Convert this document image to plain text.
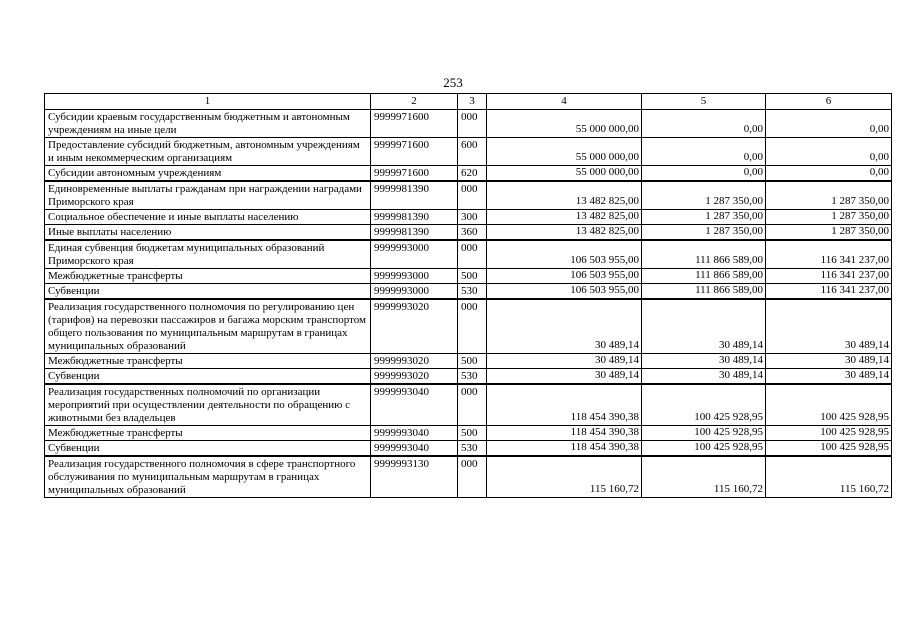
253
1	2	3	4	5	6
Субсидии краевым государственным бюджетным и автономным учреждениям на иные цели	9999971600	000	55 000 000,00	0,00	0,00
Предоставление субсидий бюджетным, автономным учреждениям и иным некоммерческим организациям	9999971600	600	55 000 000,00	0,00	0,00
Субсидии автономным учреждениям	9999971600	620	55 000 000,00	0,00	0,00
Единовременные выплаты гражданам при награждении наградами Приморского края	9999981390	000	13 482 825,00	1 287 350,00	1 287 350,00
Социальное обеспечение и иные выплаты населению	9999981390	300	13 482 825,00	1 287 350,00	1 287 350,00
Иные выплаты населению	9999981390	360	13 482 825,00	1 287 350,00	1 287 350,00
Единая субвенция бюджетам муниципальных образований Приморского края	9999993000	000	106 503 955,00	111 866 589,00	116 341 237,00
Межбюджетные трансферты	9999993000	500	106 503 955,00	111 866 589,00	116 341 237,00
Субвенции	9999993000	530	106 503 955,00	111 866 589,00	116 341 237,00
Реализация государственного полномочия по регулированию цен (тарифов) на перевозки пассажиров и багажа морским транспортом общего пользования по муниципальным маршрутам в границах муниципальных образований	9999993020	000	30 489,14	30 489,14	30 489,14
Межбюджетные трансферты	9999993020	500	30 489,14	30 489,14	30 489,14
Субвенции	9999993020	530	30 489,14	30 489,14	30 489,14
Реализация государственных полномочий по организации мероприятий при осуществлении деятельности по обращению с животными без владельцев	9999993040	000	118 454 390,38	100 425 928,95	100 425 928,95
Межбюджетные трансферты	9999993040	500	118 454 390,38	100 425 928,95	100 425 928,95
Субвенции	9999993040	530	118 454 390,38	100 425 928,95	100 425 928,95
Реализация государственного полномочия в сфере транспортного обслуживания по муниципальным маршрутам в границах муниципальных образований	9999993130	000	115 160,72	115 160,72	115 160,72
